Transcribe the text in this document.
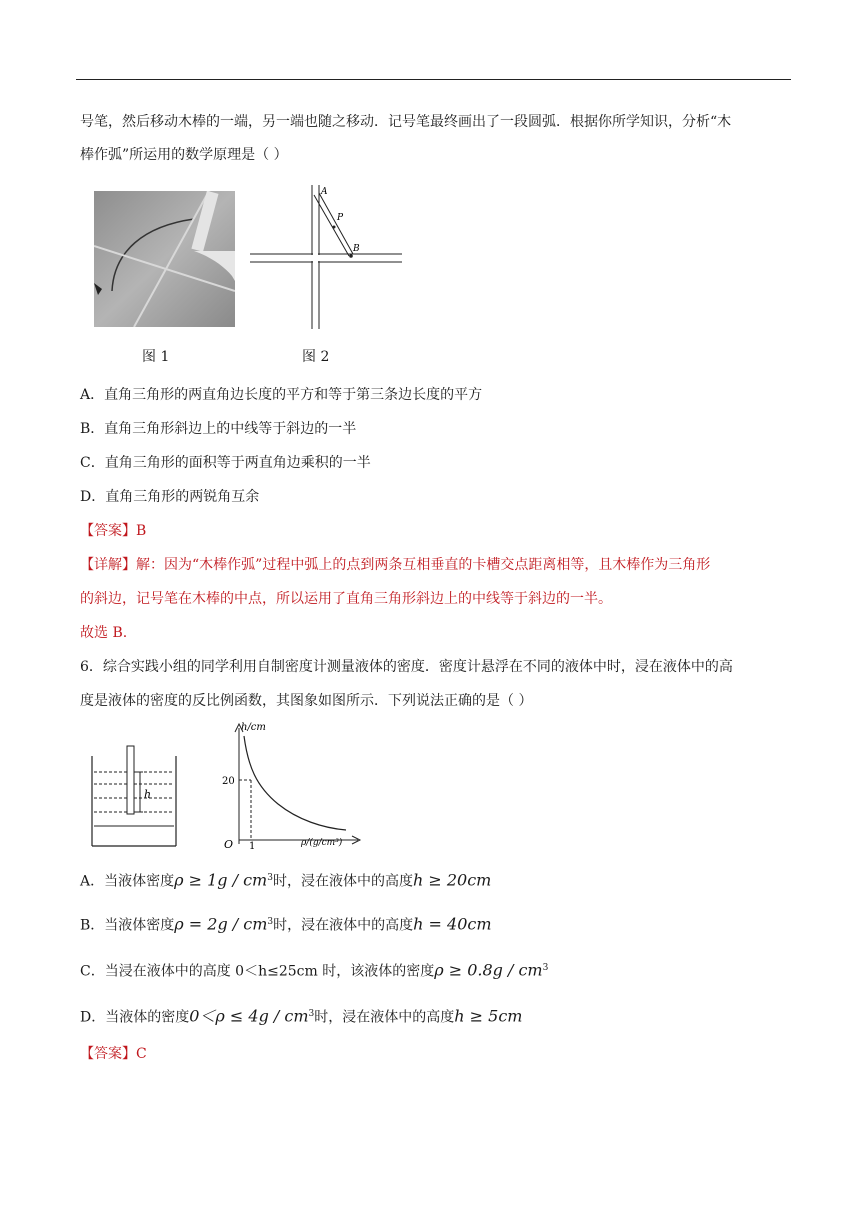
号笔，然后移动木棒的一端，另一端也随之移动．记号笔最终画出了一段圆弧．根据你所学知识，分析“木
棒作弧”所运用的数学原理是（ ）
图 1
A
P
B
图 2
A．直角三角形的两直角边长度的平方和等于第三条边长度的平方
B．直角三角形斜边上的中线等于斜边的一半
C．直角三角形的面积等于两直角边乘积的一半
D．直角三角形的两锐角互余
【答案】B
【详解】解：因为“木棒作弧”过程中弧上的点到两条互相垂直的卡槽交点距离相等，且木棒作为三角形
的斜边，记号笔在木棒的中点，所以运用了直角三角形斜边上的中线等于斜边的一半。
故选 B.
6．综合实践小组的同学利用自制密度计测量液体的密度．密度计悬浮在不同的液体中时，浸在液体中的高
度是液体的密度的反比例函数，其图象如图所示．下列说法正确的是（ ）
h
h/cm
20
O 1	ρ/(g/cm³)
A．当液体密度$\rho \ge 1g / cm^3$时，浸在液体中的高度h ≥ 20cm
B．当液体密度$\rho = 2g / cm^3$时，浸在液体中的高度h = 40cm
C．当浸在液体中的高度 0＜h≤25cm 时，该液体的密度$\rho \ge 0.8g / cm^3$
D．当液体的密度$0<\rho \le 4g / cm^3$时，浸在液体中的高度h ≥ 5cm
【答案】C
